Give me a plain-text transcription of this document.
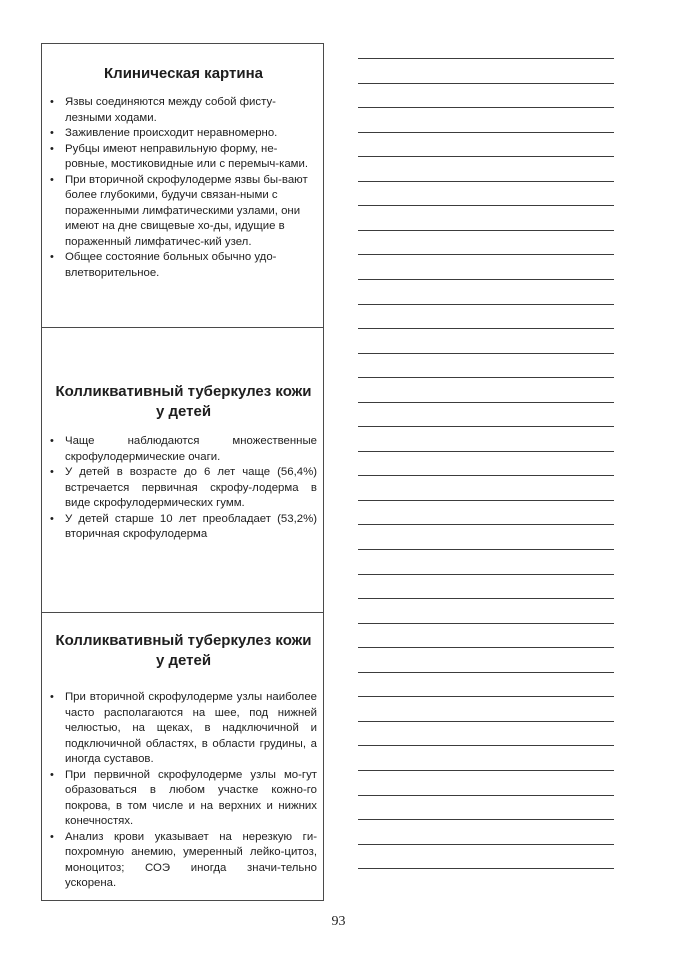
Клиническая картина
• Язвы соединяются между собой фисту-лезными ходами.
• Заживление происходит неравномерно.
• Рубцы имеют неправильную форму, не-ровные, мостиковидные или с перемыч-ками.
• При вторичной скрофулодерме язвы бы-вают более глубокими, будучи связан-ными с пораженными лимфатическими узлами, они имеют на дне свищевые хо-ды, идущие в пораженный лимфатичес-кий узел.
• Общее состояние больных обычно удо-влетворительное.
Колликвативный туберкулез кожи у детей
• Чаще наблюдаются множественные скрофулодермические очаги.
• У детей в возрасте до 6 лет чаще (56,4%) встречается первичная скрофу-лодерма в виде скрофулодермических гумм.
• У детей старше 10 лет преобладает (53,2%) вторичная скрофулодерма
Колликвативный туберкулез кожи у детей
• При вторичной скрофулодерме узлы наиболее часто располагаются на шее, под нижней челюстью, на щеках, в надключичной и подключичной областях, в области грудины, а иногда суставов.
• При первичной скрофулодерме узлы мо-гут образоваться в любом участке кожно-го покрова, в том числе и на верхних и нижних конечностях.
• Анализ крови указывает на нерезкую ги-похромную анемию, умеренный лейко-цитоз, моноцитоз; СОЭ иногда значи-тельно ускорена.
93
